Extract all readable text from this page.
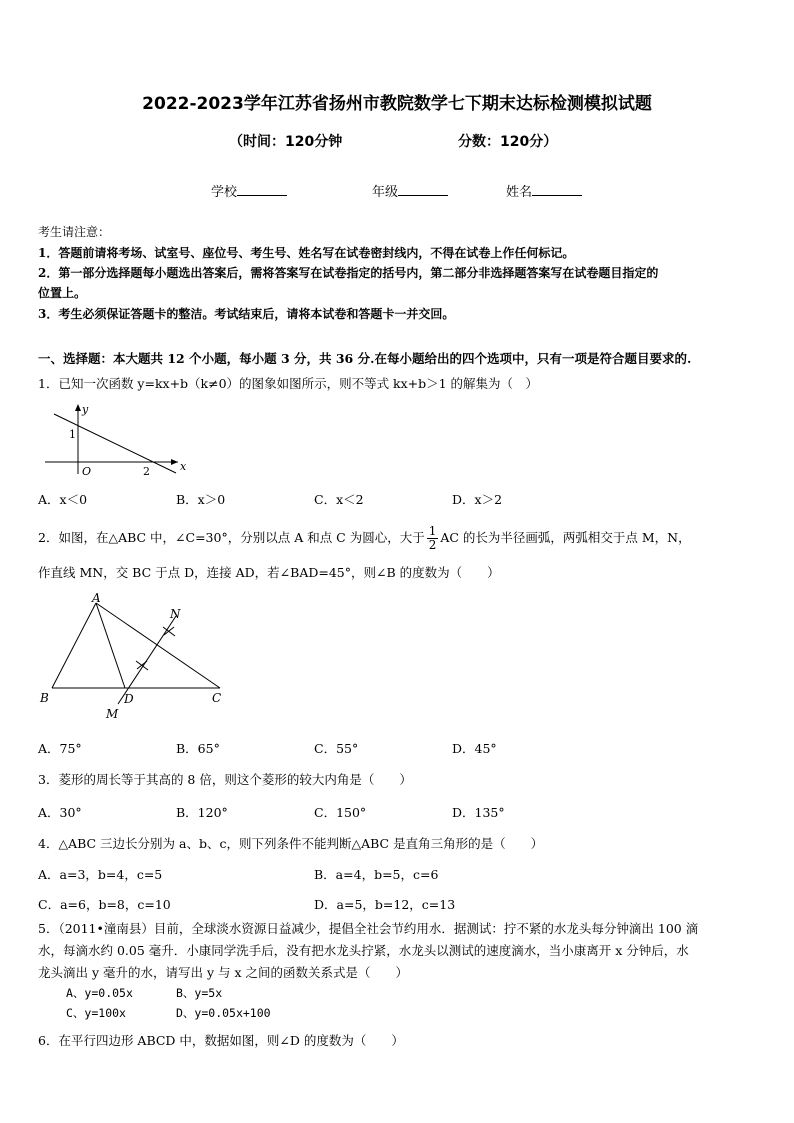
2022-2023学年江苏省扬州市教院数学七下期末达标检测模拟试题
（时间：120分钟	分数：120分）
学校	年级	姓名
考生请注意：
1．答题前请将考场、试室号、座位号、考生号、姓名写在试卷密封线内，不得在试卷上作任何标记。
2．第一部分选择题每小题选出答案后，需将答案写在试卷指定的括号内，第二部分非选择题答案写在试卷题目指定的
位置上。
3．考生必须保证答题卡的整洁。考试结束后，请将本试卷和答题卡一并交回。
一、选择题：本大题共 12 个小题，每小题 3 分，共 36 分.在每小题给出的四个选项中，只有一项是符合题目要求的.
1．已知一次函数 y=kx+b（k≠0）的图象如图所示，则不等式 kx+b＞1 的解集为（　）
y
x
O
1
2
A．x＜0	B．x＞0	C．x＜2	D．x＞2
2．如图，在△ABC 中，∠C=30°，分别以点 A 和点 C 为圆心，大于 $\frac{1}{2}$ AC 的长为半径画弧，两弧相交于点 M，N，
作直线 MN，交 BC 于点 D，连接 AD，若∠BAD=45°，则∠B 的度数为（　　）
A
B	C
D
M
N
A．75°	B．65°	C．55°	D．45°
3．菱形的周长等于其高的 8 倍，则这个菱形的较大内角是（　　）
A．30°	B．120°	C．150°	D．135°
4．△ABC 三边长分别为 a、b、c，则下列条件不能判断△ABC 是直角三角形的是（　　）
A．a=3，b=4，c=5	B．a=4，b=5，c=6
C．a=6，b=8，c=10	D．a=5，b=12，c=13
5．（2011•潼南县）目前，全球淡水资源日益减少，提倡全社会节约用水．据测试：拧不紧的水龙头每分钟滴出 100 滴
水，每滴水约 0.05 毫升．小康同学洗手后，没有把水龙头拧紧，水龙头以测试的速度滴水，当小康离开 x 分钟后，水
龙头滴出 y 毫升的水，请写出 y 与 x 之间的函数关系式是（　　）
A、y=0.05x	B、y=5x
C、y=100x	D、y=0.05x+100
6．在平行四边形 ABCD 中，数据如图，则∠D 的度数为（　　）
